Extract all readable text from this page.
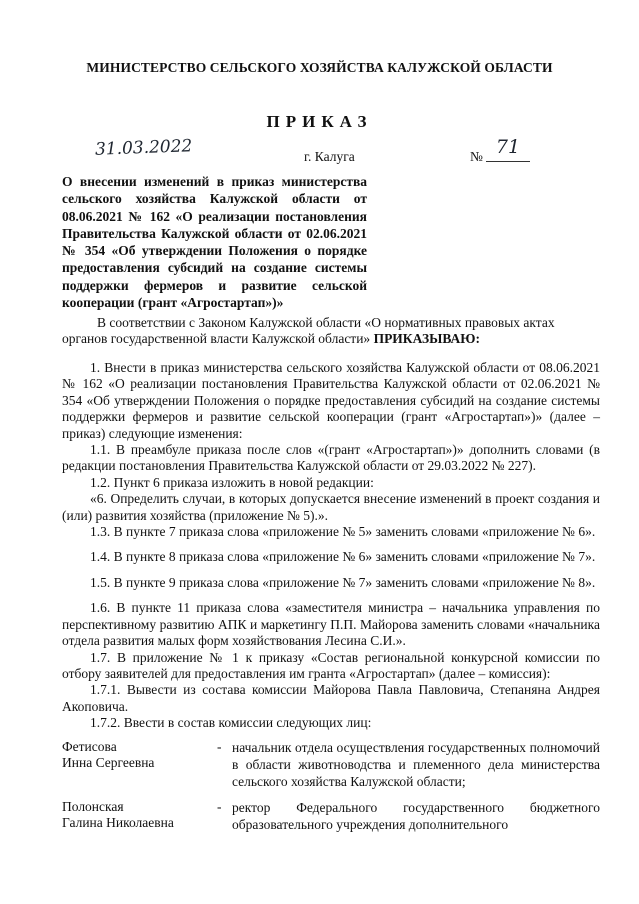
МИНИСТЕРСТВО СЕЛЬСКОГО ХОЗЯЙСТВА КАЛУЖСКОЙ ОБЛАСТИ
ПРИКАЗ
31.03.2022	г. Калуга	№ 71
О внесении изменений в приказ министерства сельского хозяйства Калужской области от 08.06.2021 № 162 «О реализации постановления Правительства Калужской области от 02.06.2021 № 354 «Об утверждении Положения о порядке предоставления субсидий на создание системы поддержки фермеров и развитие сельской кооперации (грант «Агростартап»)»
В соответствии с Законом Калужской области «О нормативных правовых актах
органов государственной власти Калужской области» ПРИКАЗЫВАЮ:

1. Внести в приказ министерства сельского хозяйства Калужской области от 08.06.2021 № 162 «О реализации постановления Правительства Калужской области от 02.06.2021 № 354 «Об утверждении Положения о порядке предоставления субсидий на создание системы поддержки фермеров и развитие сельской кооперации (грант «Агростартап»)» (далее – приказ) следующие изменения:

1.1. В преамбуле приказа после слов «(грант «Агростартап»)» дополнить словами (в редакции постановления Правительства Калужской области от 29.03.2022 № 227).

1.2. Пункт 6 приказа изложить в новой редакции:

«6. Определить случаи, в которых допускается внесение изменений в проект создания и (или) развития хозяйства (приложение № 5).».

1.3. В пункте 7 приказа слова «приложение № 5» заменить словами «приложение № 6».

1.4. В пункте 8 приказа слова «приложение № 6» заменить словами «приложение № 7».

1.5. В пункте 9 приказа слова «приложение № 7» заменить словами «приложение № 8».

1.6. В пункте 11 приказа слова «заместителя министра – начальника управления по перспективному развитию АПК и маркетингу П.П. Майорова заменить словами «начальника отдела развития малых форм хозяйствования Лесина С.И.».

1.7. В приложение № 1 к приказу «Состав региональной конкурсной комиссии по отбору заявителей для предоставления им гранта «Агростартап» (далее – комиссия):

1.7.1. Вывести из состава комиссии Майорова Павла Павловича, Степаняна Андрея Акоповича.

1.7.2. Ввести в состав комиссии следующих лиц:

Фетисова
Инна Сергеевна
- начальник отдела осуществления государственных полномочий в области животноводства и племенного дела министерства сельского хозяйства Калужской области;
Полонская
Галина Николаевна
- ректор Федерального государственного бюджетного образовательного учреждения дополнительного
